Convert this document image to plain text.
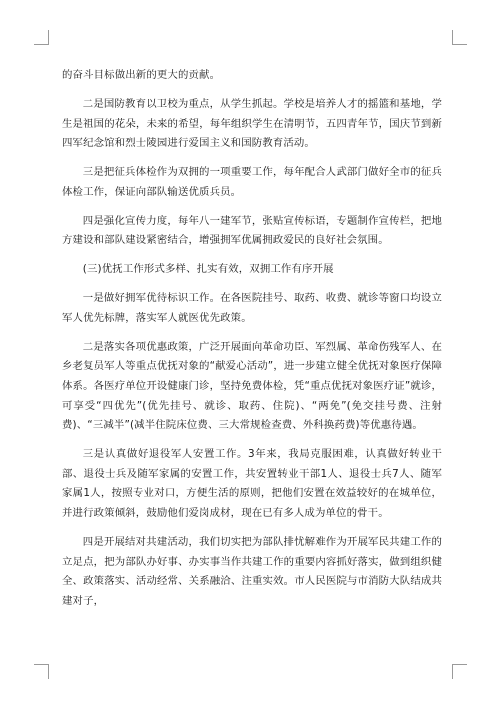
的奋斗目标做出新的更大的贡献。

二是国防教育以卫校为重点，从学生抓起。学校是培养人才的摇篮和基地，学生是祖国的花朵，未来的希望，每年组织学生在清明节，五四青年节，国庆节到新四军纪念馆和烈士陵园进行爱国主义和国防教育活动。

三是把征兵体检作为双拥的一项重要工作，每年配合人武部门做好全市的征兵体检工作，保证向部队输送优质兵员。

四是强化宣传力度，每年八一建军节，张贴宣传标语，专题制作宣传栏，把地方建设和部队建设紧密结合，增强拥军优属拥政爱民的良好社会氛围。

(三)优抚工作形式多样、扎实有效，双拥工作有序开展

一是做好拥军优待标识工作。在各医院挂号、取药、收费、就诊等窗口均设立军人优先标牌，落实军人就医优先政策。

二是落实各项优惠政策，广泛开展面向革命功臣、军烈属、革命伤残军人、在乡老复员军人等重点优抚对象的“献爱心活动”，进一步建立健全优抚对象医疗保障体系。各医疗单位开设健康门诊，坚持免费体检，凭“重点优抚对象医疗证”就诊，可享受“四优先”(优先挂号、就诊、取药、住院)、“两免”(免交挂号费、注射费)、“三减半”(减半住院床位费、三大常规检查费、外科换药费)等优惠待遇。

三是认真做好退役军人安置工作。3年来，我局克服困难，认真做好转业干部、退役士兵及随军家属的安置工作，共安置转业干部1人、退役士兵7人、随军家属1人，按照专业对口，方便生活的原则，把他们安置在效益较好的在城单位，并进行政策倾斜，鼓励他们爱岗成材，现在已有多人成为单位的骨干。

四是开展结对共建活动，我们切实把为部队排忧解难作为开展军民共建工作的立足点，把为部队办好事、办实事当作共建工作的重要内容抓好落实，做到组织健全、政策落实、活动经常、关系融洽、注重实效。市人民医院与市消防大队结成共建对子，
